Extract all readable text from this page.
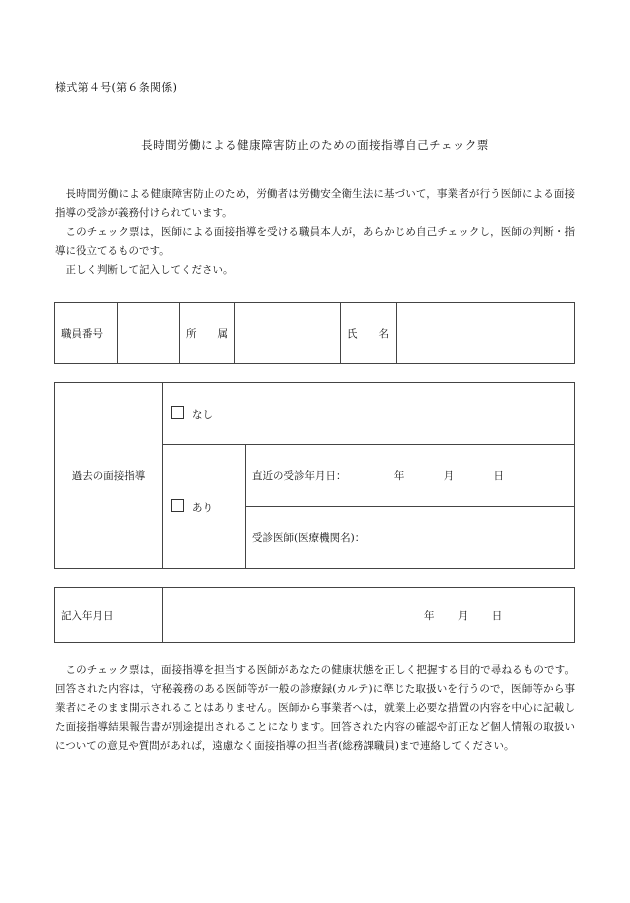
様式第４号(第６条関係)
長時間労働による健康障害防止のための面接指導自己チェック票

長時間労働による健康障害防止のため，労働者は労働安全衛生法に基づいて，事業者が行う医師による面接指導の受診が義務付けられています。

このチェック票は，医師による面接指導を受ける職員本人が，あらかじめ自己チェックし，医師の判断・指導に役立てるものです。

正しく判断して記入してください。

職員番号		所　　属		氏　　名	
過去の面接指導	なし	
	あり	直近の受診年月日： 年 月 日
		受診医師(医療機関名)：
記入年月日	年 月 日

このチェック票は，面接指導を担当する医師があなたの健康状態を正しく把握する目的で尋ねるものです。回答された内容は，守秘義務のある医師等が一般の診療録(カルテ)に準じた取扱いを行うので，医師等から事業者にそのまま開示されることはありません。医師から事業者へは，就業上必要な措置の内容を中心に記載した面接指導結果報告書が別途提出されることになります。回答された内容の確認や訂正など個人情報の取扱いについての意見や質問があれば，遠慮なく面接指導の担当者(総務課職員)まで連絡してください。
